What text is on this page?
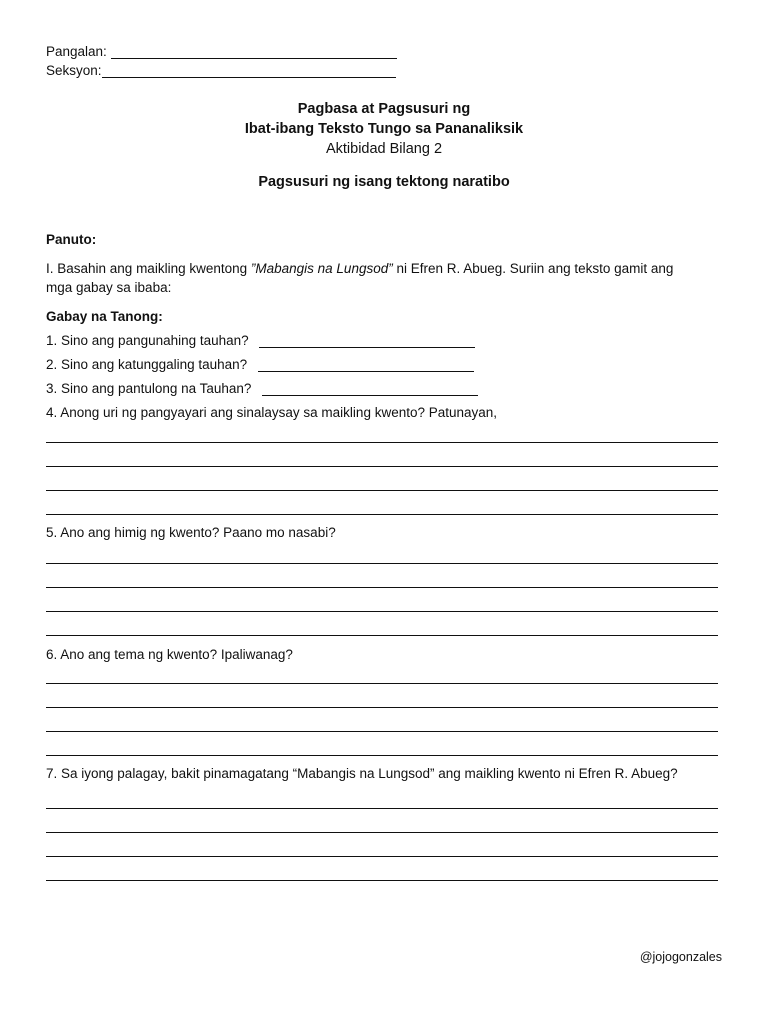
Pangalan:
Seksyon:
Pagbasa at Pagsusuri ng
Ibat-ibang Teksto Tungo sa Pananaliksik
Aktibidad Bilang 2
Pagsusuri ng isang tektong naratibo
Panuto:
I. Basahin ang maikling kwentong ”Mabangis na Lungsod” ni Efren R. Abueg. Suriin ang teksto gamit ang
mga gabay sa ibaba:
Gabay na Tanong:
1. Sino ang pangunahing tauhan?
2. Sino ang katunggaling tauhan?
3. Sino ang pantulong na Tauhan?
4. Anong uri ng pangyayari ang sinalaysay sa maikling kwento? Patunayan,
5. Ano ang himig ng kwento? Paano mo nasabi?
6. Ano ang tema ng kwento? Ipaliwanag?
7. Sa iyong palagay, bakit pinamagatang “Mabangis na Lungsod” ang maikling kwento ni Efren R. Abueg?
@jojogonzales
